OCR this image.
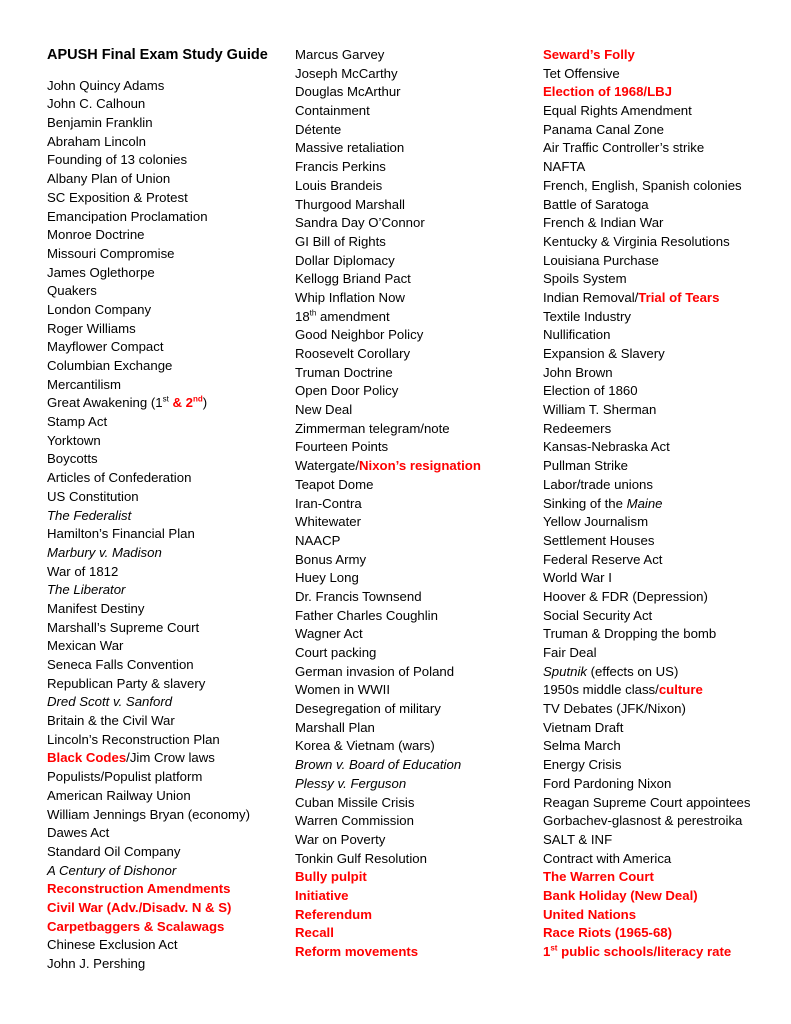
APUSH Final Exam Study Guide
John Quincy Adams
John C. Calhoun
Benjamin Franklin
Abraham Lincoln
Founding of 13 colonies
Albany Plan of Union
SC Exposition & Protest
Emancipation Proclamation
Monroe Doctrine
Missouri Compromise
James Oglethorpe
Quakers
London Company
Roger Williams
Mayflower Compact
Columbian Exchange
Mercantilism
Great Awakening (1st & 2nd)
Stamp Act
Yorktown
Boycotts
Articles of Confederation
US Constitution
The Federalist
Hamilton’s Financial Plan
Marbury v. Madison
War of 1812
The Liberator
Manifest Destiny
Marshall’s Supreme Court
Mexican War
Seneca Falls Convention
Republican Party & slavery
Dred Scott v. Sanford
Britain & the Civil War
Lincoln’s Reconstruction Plan
Black Codes/Jim Crow laws
Populists/Populist platform
American Railway Union
William Jennings Bryan (economy)
Dawes Act
Standard Oil Company
A Century of Dishonor
Reconstruction Amendments
Civil War (Adv./Disadv. N & S)
Carpetbaggers & Scalawags
Chinese Exclusion Act
John J. Pershing
Marcus Garvey
Joseph McCarthy
Douglas McArthur
Containment
Détente
Massive retaliation
Francis Perkins
Louis Brandeis
Thurgood Marshall
Sandra Day O’Connor
GI Bill of Rights
Dollar Diplomacy
Kellogg Briand Pact
Whip Inflation Now
18th amendment
Good Neighbor Policy
Roosevelt Corollary
Truman Doctrine
Open Door Policy
New Deal
Zimmerman telegram/note
Fourteen Points
Watergate/Nixon’s resignation
Teapot Dome
Iran-Contra
Whitewater
NAACP
Bonus Army
Huey Long
Dr. Francis Townsend
Father Charles Coughlin
Wagner Act
Court packing
German invasion of Poland
Women in WWII
Desegregation of military
Marshall Plan
Korea & Vietnam (wars)
Brown v. Board of Education
Plessy v. Ferguson
Cuban Missile Crisis
Warren Commission
War on Poverty
Tonkin Gulf Resolution
Bully pulpit
Initiative
Referendum
Recall
Reform movements
Seward’s Folly
Tet Offensive
Election of 1968/LBJ
Equal Rights Amendment
Panama Canal Zone
Air Traffic Controller’s strike
NAFTA
French, English, Spanish colonies
Battle of Saratoga
French & Indian War
Kentucky & Virginia Resolutions
Louisiana Purchase
Spoils System
Indian Removal/Trial of Tears
Textile Industry
Nullification
Expansion & Slavery
John Brown
Election of 1860
William T. Sherman
Redeemers
Kansas-Nebraska Act
Pullman Strike
Labor/trade unions
Sinking of the Maine
Yellow Journalism
Settlement Houses
Federal Reserve Act
World War I
Hoover & FDR (Depression)
Social Security Act
Truman & Dropping the bomb
Fair Deal
Sputnik (effects on US)
1950s middle class/culture
TV Debates (JFK/Nixon)
Vietnam Draft
Selma March
Energy Crisis
Ford Pardoning Nixon
Reagan Supreme Court appointees
Gorbachev-glasnost & perestroika
SALT & INF
Contract with America
The Warren Court
Bank Holiday (New Deal)
United Nations
Race Riots (1965-68)
1st public schools/literacy rate
